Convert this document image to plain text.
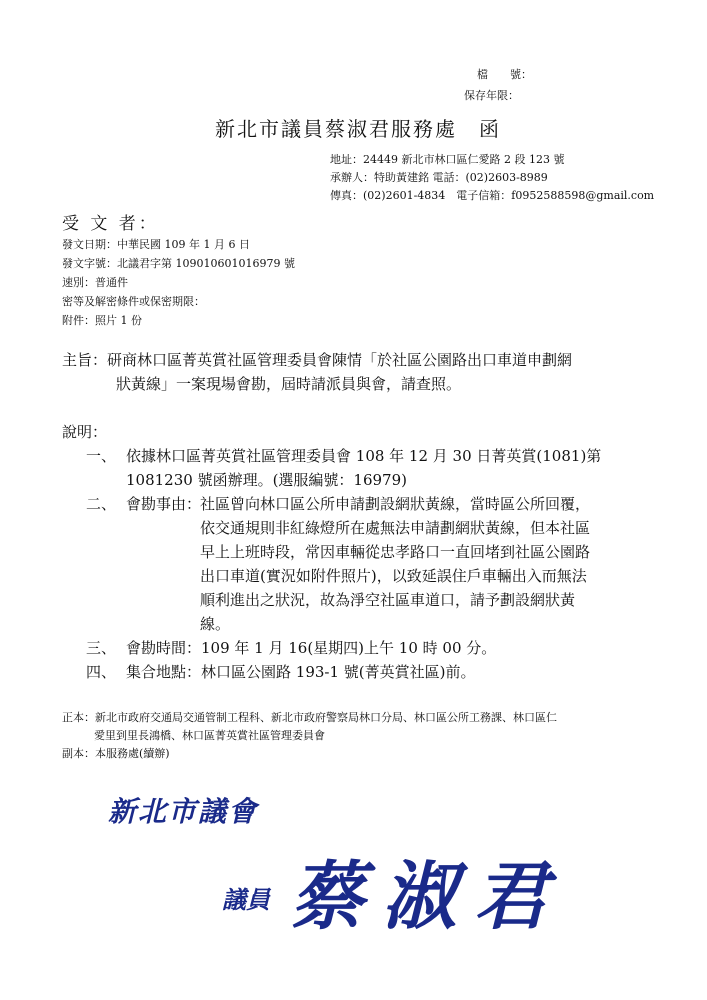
檔　　號：
保存年限：
新北市議員蔡淑君服務處　函
地址：24449 新北市林口區仁愛路 2 段 123 號
承辦人：特助黃建銘 電話：(02)2603-8989
傳真：(02)2601-4834　電子信箱：f0952588598@gmail.com
受 文 者：
發文日期：中華民國 109 年 1 月 6 日
發文字號：北議君字第 109010601016979 號
速別：普通件
密等及解密條件或保密期限：
附件：照片 1 份
主旨：研商林口區菁英賞社區管理委員會陳情「於社區公園路出口車道申劃網
狀黃線」一案現場會勘，屆時請派員與會，請查照。
說明：
一、 依據林口區菁英賞社區管理委員會 108 年 12 月 30 日菁英賞(1081)第
1081230 號函辦理。(選服編號：16979)
二、 會勘事由：
社區曾向林口區公所申請劃設網狀黃線，當時區公所回覆，
依交通規則非紅綠燈所在處無法申請劃網狀黃線，但本社區
早上上班時段，常因車輛從忠孝路口一直回堵到社區公園路
出口車道(實況如附件照片)，以致延誤住戶車輛出入而無法
順利進出之狀況，故為淨空社區車道口，請予劃設網狀黃
線。
三、 會勘時間：109 年 1 月 16(星期四)上午 10 時 00 分。
四、 集合地點：林口區公園路 193-1 號(菁英賞社區)前。
正本：新北市政府交通局交通管制工程科、新北市政府警察局林口分局、林口區公所工務課、林口區仁
愛里到里長鴻橋、林口區菁英賞社區管理委員會
副本：本服務處(續辦)
新北市議會
議員 蔡淑君
